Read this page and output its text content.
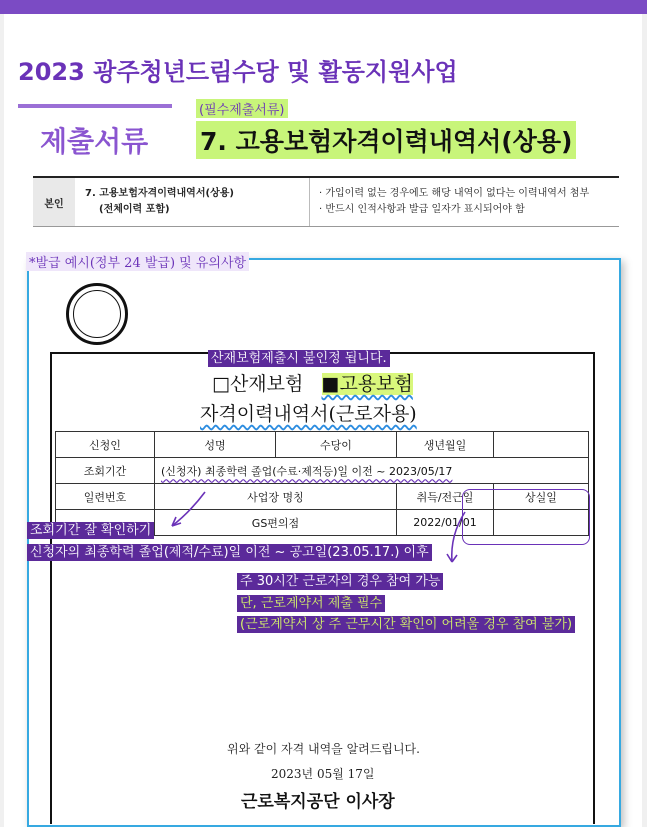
2023 광주청년드림수당 및 활동지원사업
제출서류
(필수제출서류)
7. 고용보험자격이력내역서(상용)
본인
7. 고용보험자격이력내역서(상용)
(전체이력 포함)
· 가입이력 없는 경우에도 해당 내역이 없다는 이력내역서 첨부
· 반드시 인적사항과 발급 일자가 표시되어야 함
*발급 예시(정부 24 발급) 및 유의사항
□산재보험 ■고용보험
자격이력내역서(근로자용)
산재보험제출시 불인정 됩니다.
신청인	성명	수당이	생년월일	
조회기간	(신청자) 최종학력 졸업(수료·제적등)일 이전 ~ 2023/05/17			
일련번호	사업장 명칭		취득/전근일	상실일
	GS편의점		2022/01/01	
조회기간 잘 확인하기
신청자의 최종학력 졸업(제적/수료)일 이전 ~ 공고일(23.05.17.) 이후
주 30시간 근로자의 경우 참여 가능
단, 근로계약서 제출 필수
(근로계약서 상 주 근무시간 확인이 어려울 경우 참여 불가)
위와 같이 자격 내역을 알려드립니다.
2023년 05월 17일
근로복지공단 이사장
